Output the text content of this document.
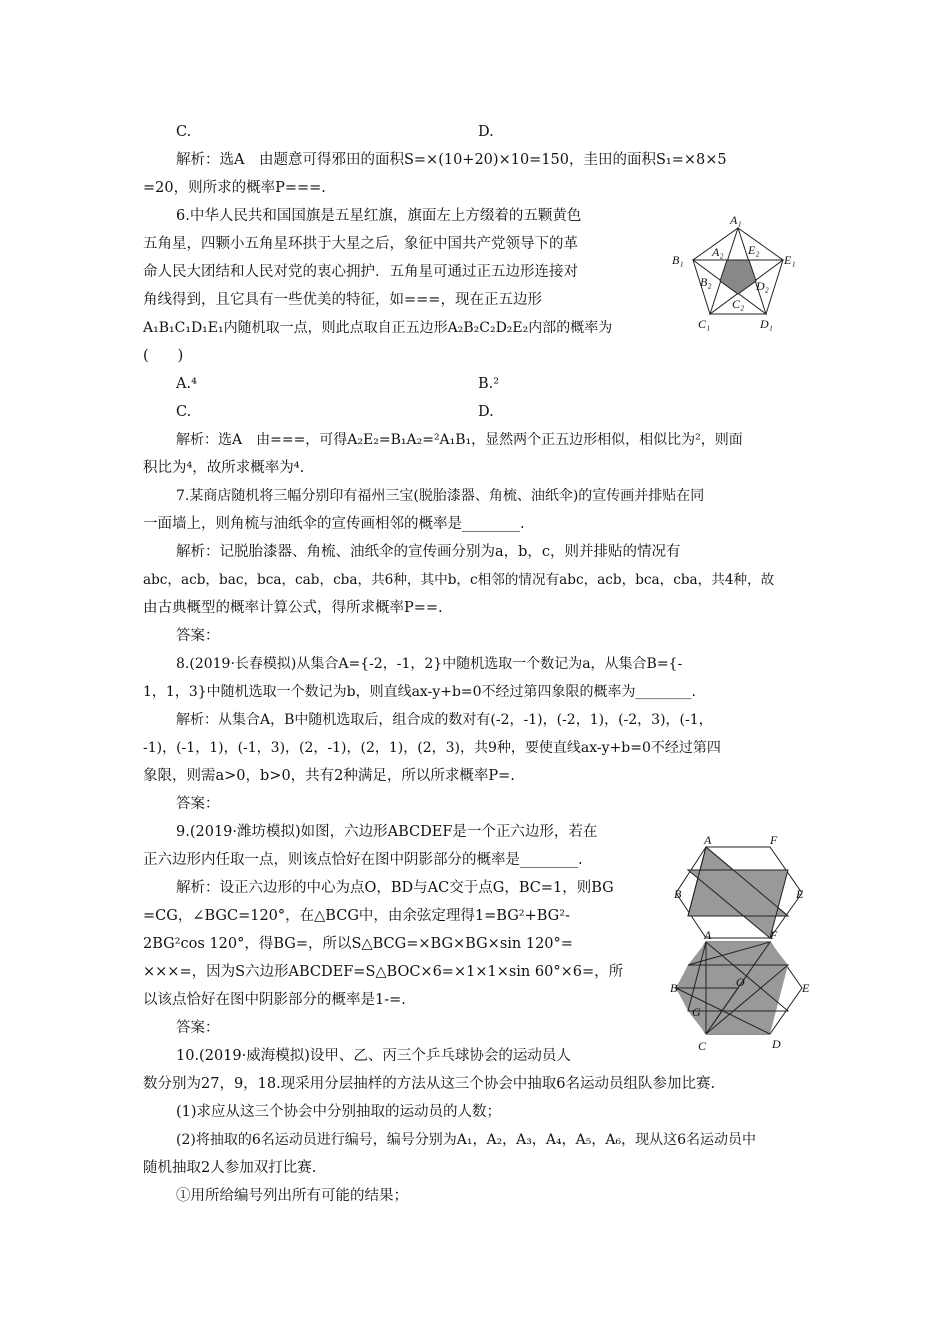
C.	D.
解析：选A　由题意可得邪田的面积S=×(10+20)×10=150，圭田的面积S₁=×8×5
=20，则所求的概率P===.
6.中华人民共和国国旗是五星红旗，旗面左上方缀着的五颗黄色
五角星，四颗小五角星环拱于大星之后，象征中国共产党领导下的革
命人民大团结和人民对党的衷心拥护．五角星可通过正五边形连接对
角线得到，且它具有一些优美的特征，如===，现在正五边形
A₁B₁C₁D₁E₁内随机取一点，则此点取自正五边形A₂B₂C₂D₂E₂内部的概率为
(　　)
A.⁴	B.²
C.	D.
解析：选A　由===，可得A₂E₂=B₁A₂=²A₁B₁，显然两个正五边形相似，相似比为²，则面
积比为⁴，故所求概率为⁴.
7.某商店随机将三幅分别印有福州三宝(脱胎漆器、角梳、油纸伞)的宣传画并排贴在同
一面墙上，则角梳与油纸伞的宣传画相邻的概率是________.
解析：记脱胎漆器、角梳、油纸伞的宣传画分别为a，b，c，则并排贴的情况有
abc，acb，bac，bca，cab，cba，共6种，其中b，c相邻的情况有abc，acb，bca，cba，共4种，故
由古典概型的概率计算公式，得所求概率P==.
答案：
8.(2019·长春模拟)从集合A={-2，-1，2}中随机选取一个数记为a，从集合B={-
1，1，3}中随机选取一个数记为b，则直线ax-y+b=0不经过第四象限的概率为________.
解析：从集合A，B中随机选取后，组合成的数对有(-2，-1)，(-2，1)，(-2，3)，(-1，
-1)，(-1，1)，(-1，3)，(2，-1)，(2，1)，(2，3)，共9种，要使直线ax-y+b=0不经过第四
象限，则需a>0，b>0，共有2种满足，所以所求概率P=.
答案：
9.(2019·潍坊模拟)如图，六边形ABCDEF是一个正六边形，若在
正六边形内任取一点，则该点恰好在图中阴影部分的概率是________.
解析：设正六边形的中心为点O，BD与AC交于点G，BC=1，则BG
=CG，∠BGC=120°，在△BCG中，由余弦定理得1=BG²+BG²-
2BG²cos 120°，得BG=，所以S△BCG=×BG×BG×sin 120°=
×××=，因为S六边形ABCDEF=S△BOC×6=×1×1×sin 60°×6=，所
以该点恰好在图中阴影部分的概率是1-=.
答案：
10.(2019·威海模拟)设甲、乙、丙三个乒乓球协会的运动员人
数分别为27，9，18.现采用分层抽样的方法从这三个协会中抽取6名运动员组队参加比赛.
(1)求应从这三个协会中分别抽取的运动员的人数；
(2)将抽取的6名运动员进行编号，编号分别为A₁，A₂，A₃，A₄，A₅，A₆，现从这6名运动员中
随机抽取2人参加双打比赛.
①用所给编号列出所有可能的结果；
A₁
B₁
C₁	D₁
E₁
A₂
B₂
C₂
D₂
E₂
A	F
B	E
A	F
B	E
C	D
O
G
